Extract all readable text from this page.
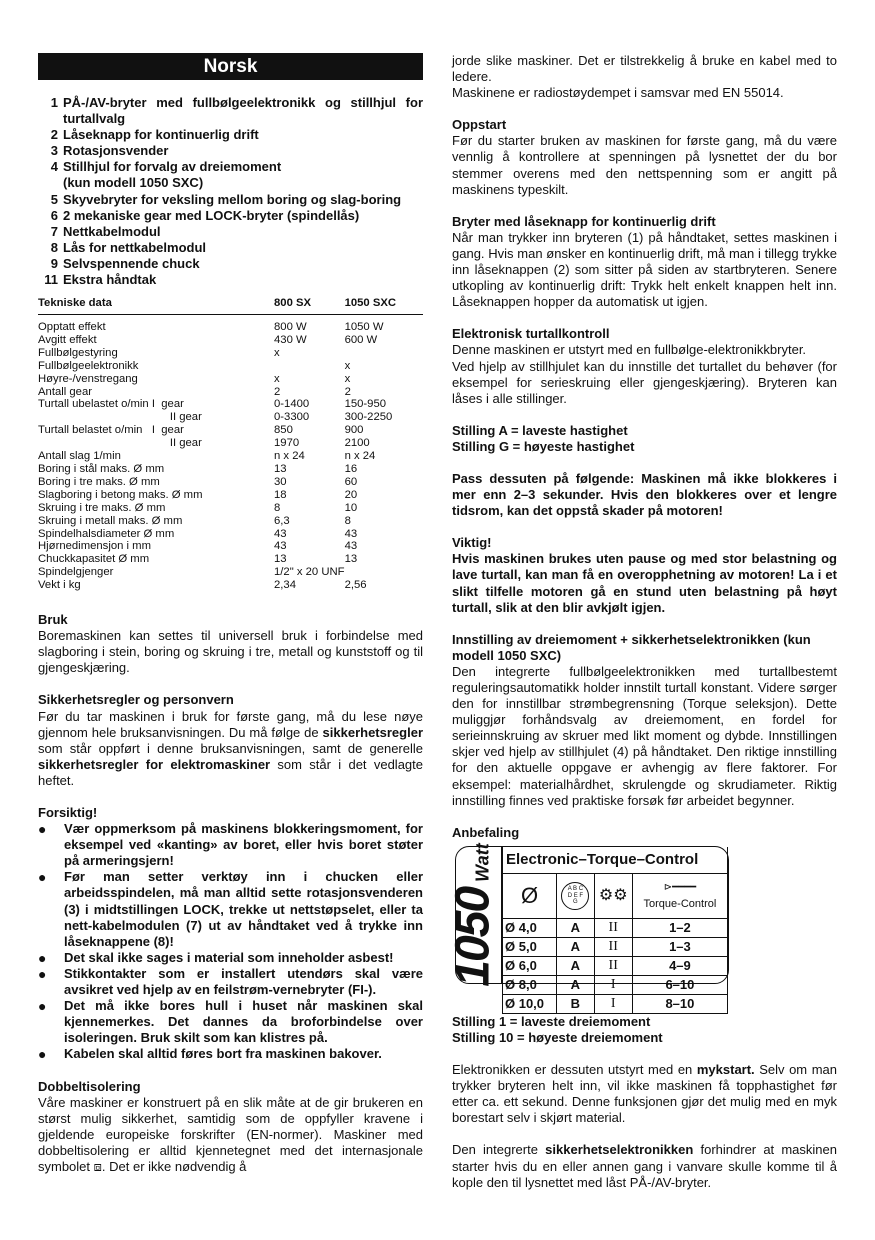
Norsk
1 PÅ-/AV-bryter med fullbølgeelektronikk og stillhjul for turtallvalg
2 Låseknapp for kontinuerlig drift
3 Rotasjonsvender
4 Stillhjul for forvalg av dreiemoment
(kun modell 1050 SXC)
5 Skyvebryter for veksling mellom boring og slag-boring
6 2 mekaniske gear med LOCK-bryter (spindellås)
7 Nettkabelmodul
8 Lås for nettkabelmodul
9 Selvspennende chuck
11 Ekstra håndtak
Tekniske data	800 SX	1050 SXC
Opptatt effekt	800 W	1050 W
Avgitt effekt	430 W	600 W
Fullbølgestyring	x	
Fullbølgeelektronikk		x
Høyre-/venstregang	x	x
Antall gear	2	2
Turtall ubelastet o/min I  gear	0-1400	150-950
II gear	0-3300	300-2250
Turtall belastet o/min   I  gear	850	900
II gear	1970	2100
Antall slag 1/min	n x 24	n x 24
Boring i stål maks. Ø mm	13	16
Boring i tre maks. Ø mm	30	60
Slagboring i betong maks. Ø mm	18	20
Skruing i tre maks. Ø mm	8	10
Skruing i metall maks. Ø mm	6,3	8
Spindelhalsdiameter Ø mm	43	43
Hjørnedimensjon i mm	43	43
Chuckkapasitet Ø mm	13	13
Spindelgjenger	1/2" x 20 UNF	
Vekt i kg	2,34	2,56
Bruk

Boremaskinen kan settes til universell bruk i forbindelse med slagboring i stein, boring og skruing i tre, metall og kunststoff og til gjengeskjæring.

Sikkerhetsregler og personvern

Før du tar maskinen i bruk for første gang, må du lese nøye gjennom hele bruksanvisningen. Du må følge de sikkerhetsregler som står oppført i denne bruksanvisningen, samt de generelle sikkerhetsregler for elektromaskiner som står i det vedlagte heftet.

Forsiktig!
●	Vær oppmerksom på maskinens blokkeringsmoment, for eksempel ved «kanting» av boret, eller hvis boret støter på armeringsjern!
●	Før man setter verktøy inn i chucken eller arbeidsspindelen, må man alltid sette rotasjonsvenderen (3) i midtstillingen LOCK, trekke ut nettstøpselet, eller ta nett-kabelmodulen (7) ut av håndtaket ved å trykke inn låseknappene (8)!
●	Det skal ikke sages i material som inneholder asbest!
●	Stikkontakter som er installert utendørs skal være avsikret ved hjelp av en feilstrøm-vernebryter (FI-).
●	Det må ikke bores hull i huset når maskinen skal kjennemerkes. Det dannes da broforbindelse over isoleringen. Bruk skilt som kan klistres på.
●	Kabelen skal alltid føres bort fra maskinen bakover.
Dobbeltisolering

Våre maskiner er konstruert på en slik måte at de gir brukeren en størst mulig sikkerhet, samtidig som de oppfyller kravene i gjeldende europeiske forskrifter (EN-normer). Maskiner med dobbeltisolering er alltid kjennetegnet med det internasjonale symbolet ⧈. Det er ikke nødvendig å

jorde slike maskiner. Det er tilstrekkelig å bruke en kabel med to ledere.

Maskinene er radiostøydempet i samsvar med EN 55014.

Oppstart

Før du starter bruken av maskinen for første gang, må du være vennlig å kontrollere at spenningen på lysnettet der du bor stemmer overens med den nettspenning som er angitt på maskinens typeskilt.

Bryter med låseknapp for kontinuerlig drift

Når man trykker inn bryteren (1) på håndtaket, settes maskinen i gang. Hvis man ønsker en kontinuerlig drift, må man i tillegg trykke inn låseknappen (2) som sitter på siden av startbryteren. Senere utkopling av kontinuerlig drift: Trykk helt enkelt knappen helt inn. Låseknappen hopper da automatisk ut igjen.

Elektronisk turtallkontroll

Denne maskinen er utstyrt med en fullbølge-elektronikkbryter.

Ved hjelp av stillhjulet kan du innstille det turtallet du behøver (for eksempel for serieskruing eller gjengeskjæring). Bryteren kan låses i alle stillinger.

Stilling A = laveste hastighet
Stilling G = høyeste hastighet

Pass dessuten på følgende: Maskinen må ikke blokkeres i mer enn 2–3 sekunder. Hvis den blokkeres over et lengre tidsrom, kan det oppstå skader på motoren!

Viktig!

Hvis maskinen brukes uten pause og med stor belastning og lave turtall, kan man få en overopphetning av motoren! La i et slikt tilfelle motoren gå en stund uten belastning på høyt turtall, slik at den blir avkjølt igjen.

Innstilling av dreiemoment + sikkerhetselektronikken (kun modell 1050 SXC)

Den integrerte fullbølgeelektronikken med turtallbestemt reguleringsautomatikk holder innstilt turtall konstant. Videre sørger den for innstillbar strømbegrensning (Torque seleksjon). Dette muliggjør forhåndsvalg av dreiemoment, en fordel for serieinnskruing av skruer med likt moment og dybde. Innstillingen skjer ved hjelp av stillhjulet (4) på håndtaket. Den riktige innstilling for den aktuelle oppgave er avhengig av flere faktorer. For eksempel: materialhårdhet, skrulengde og skrudiameter. Riktig innstilling finnes ved praktiske forsøk før arbeidet begynner.

Anbefaling
1050Watt Electronic–Torque–Control			
Ø	A B C D E F G	⚙⚙	⊳━━━━
Torque-Control

Ø 4,0	A	II	1–2
Ø 5,0	A	II	1–3
Ø 6,0	A	II	4–9
Ø 8,0	A	I	6–10
Ø 10,0	B	I	8–10

Stilling 1 = laveste dreiemoment
Stilling 10 = høyeste dreiemoment

Elektronikken er dessuten utstyrt med en mykstart. Selv om man trykker bryteren helt inn, vil ikke maskinen få topphastighet før etter ca. ett sekund. Denne funksjonen gjør det mulig med en myk borestart selv i skjørt material.

Den integrerte sikkerhetselektronikken forhindrer at maskinen starter hvis du en eller annen gang i vanvare skulle komme til å kople den til lysnettet med låst PÅ-/AV-bryter.
